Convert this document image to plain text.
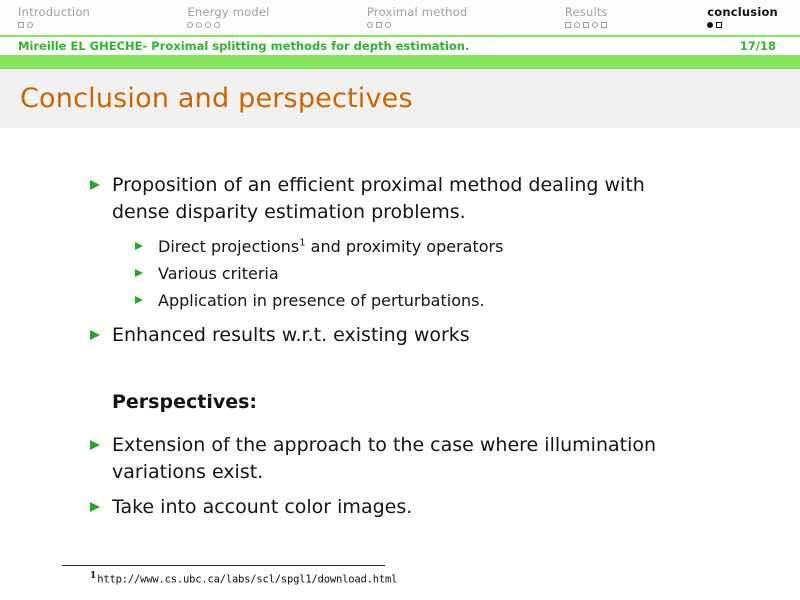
Introduction	Energy model	Proximal method	Results	conclusion
Mireille EL GHECHE- Proximal splitting methods for depth estimation.	17/18
Conclusion and perspectives
Proposition of an efficient proximal method dealing with dense disparity estimation problems.
Direct projections$^1$ and proximity operators
Various criteria
Application in presence of perturbations.
Enhanced results w.r.t. existing works
Perspectives:
Extension of the approach to the case where illumination variations exist.
Take into account color images.
1http://www.cs.ubc.ca/labs/scl/spgl1/download.html
